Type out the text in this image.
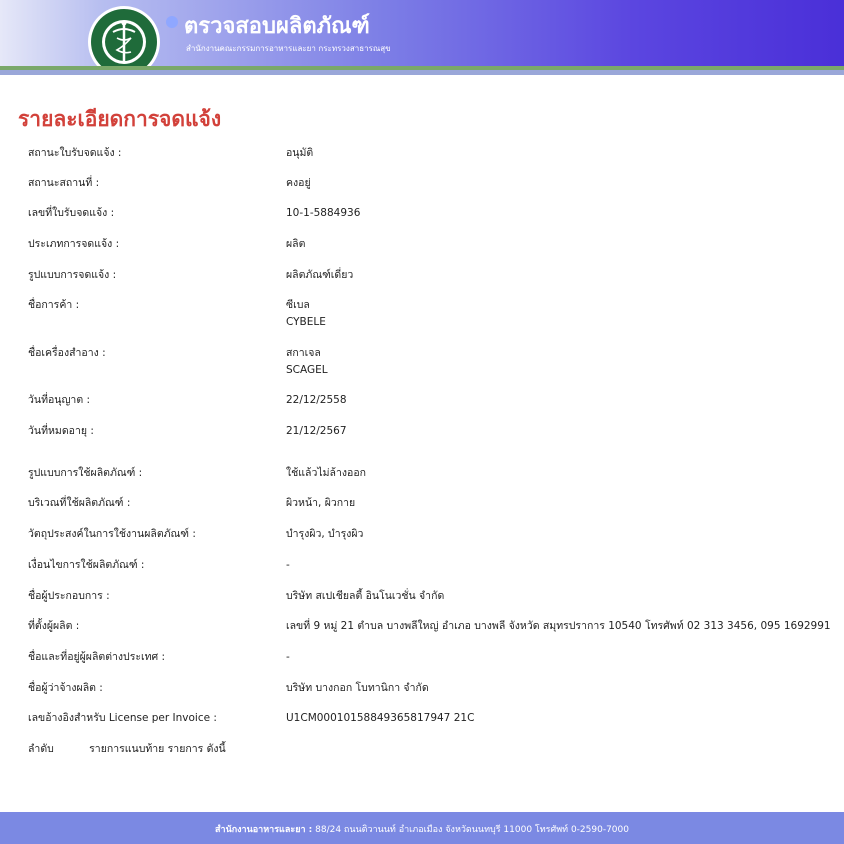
ตรวจสอบผลิตภัณฑ์
สำนักงานคณะกรรมการอาหารและยา กระทรวงสาธารณสุข
รายละเอียดการจดแจ้ง
สถานะใบรับจดแจ้ง :	อนุมัติ
สถานะสถานที่ :	คงอยู่
เลขที่ใบรับจดแจ้ง :	10-1-5884936
ประเภทการจดแจ้ง :	ผลิต
รูปแบบการจดแจ้ง :	ผลิตภัณฑ์เดี่ยว
ชื่อการค้า :	ซีเบล
CYBELE
ชื่อเครื่องสำอาง :	สกาเจล
SCAGEL
วันที่อนุญาต :	22/12/2558
วันที่หมดอายุ :	21/12/2567
รูปแบบการใช้ผลิตภัณฑ์ :	ใช้แล้วไม่ล้างออก
บริเวณที่ใช้ผลิตภัณฑ์ :	ผิวหน้า, ผิวกาย
วัตถุประสงค์ในการใช้งานผลิตภัณฑ์ :	บำรุงผิว, บำรุงผิว
เงื่อนไขการใช้ผลิตภัณฑ์ :	-
ชื่อผู้ประกอบการ :	บริษัท สเปเชียลตี้ อินโนเวชั่น จำกัด
ที่ตั้งผู้ผลิต :	เลขที่ 9 หมู่ 21 ตำบล บางพลีใหญ่ อำเภอ บางพลี จังหวัด สมุทรปราการ 10540 โทรศัพท์ 02 313 3456, 095 1692991
ชื่อและที่อยู่ผู้ผลิตต่างประเทศ :	-
ชื่อผู้ว่าจ้างผลิต :	บริษัท บางกอก โบทานิกา จำกัด
เลขอ้างอิงสำหรับ License per Invoice :	U1CM00010158849365817947 21C
ลำดับ	รายการแนบท้าย รายการ ดังนี้
สำนักงานอาหารและยา : 88/24 ถนนติวานนท์ อำเภอเมือง จังหวัดนนทบุรี 11000 โทรศัพท์ 0-2590-7000
